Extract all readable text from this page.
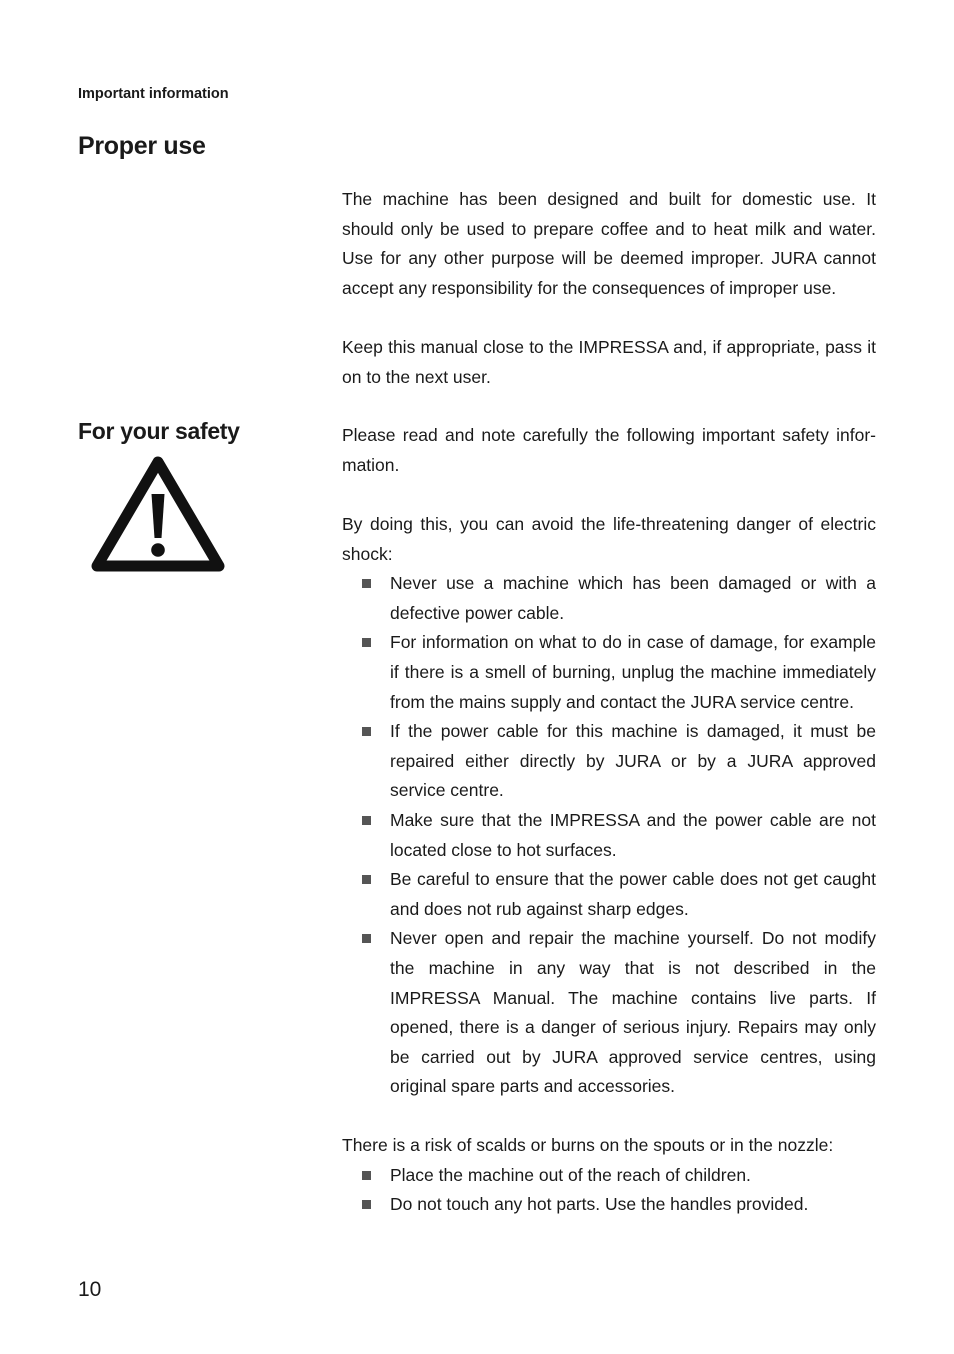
Important information
Proper use

The machine has been designed and built for domestic use. It should only be used to prepare coffee and to heat milk and water. Use for any other purpose will be deemed improper. JURA cannot accept any responsibility for the consequences of improper use.

Keep this manual close to the IMPRESSA and, if appropriate, pass it on to the next user.

For your safety	Please read and note carefully the following important safety infor-mation.

By doing this, you can avoid the life-threatening danger of electric shock:

Never use a machine which has been damaged or with a defective power cable.
For information on what to do in case of damage, for example if there is a smell of burning, unplug the machine immediately from the mains supply and contact the JURA service centre.
If the power cable for this machine is damaged, it must be repaired either directly by JURA or by a JURA approved service centre.
Make sure that the IMPRESSA and the power cable are not located close to hot surfaces.
Be careful to ensure that the power cable does not get caught and does not rub against sharp edges.
Never open and repair the machine yourself. Do not modify the machine in any way that is not described in the IMPRESSA Manual. The machine contains live parts. If opened, there is a danger of serious injury. Repairs may only be carried out by JURA approved service centres, using original spare parts and accessories.

There is a risk of scalds or burns on the spouts or in the nozzle:

Place the machine out of the reach of children.
Do not touch any hot parts. Use the handles provided.
10
